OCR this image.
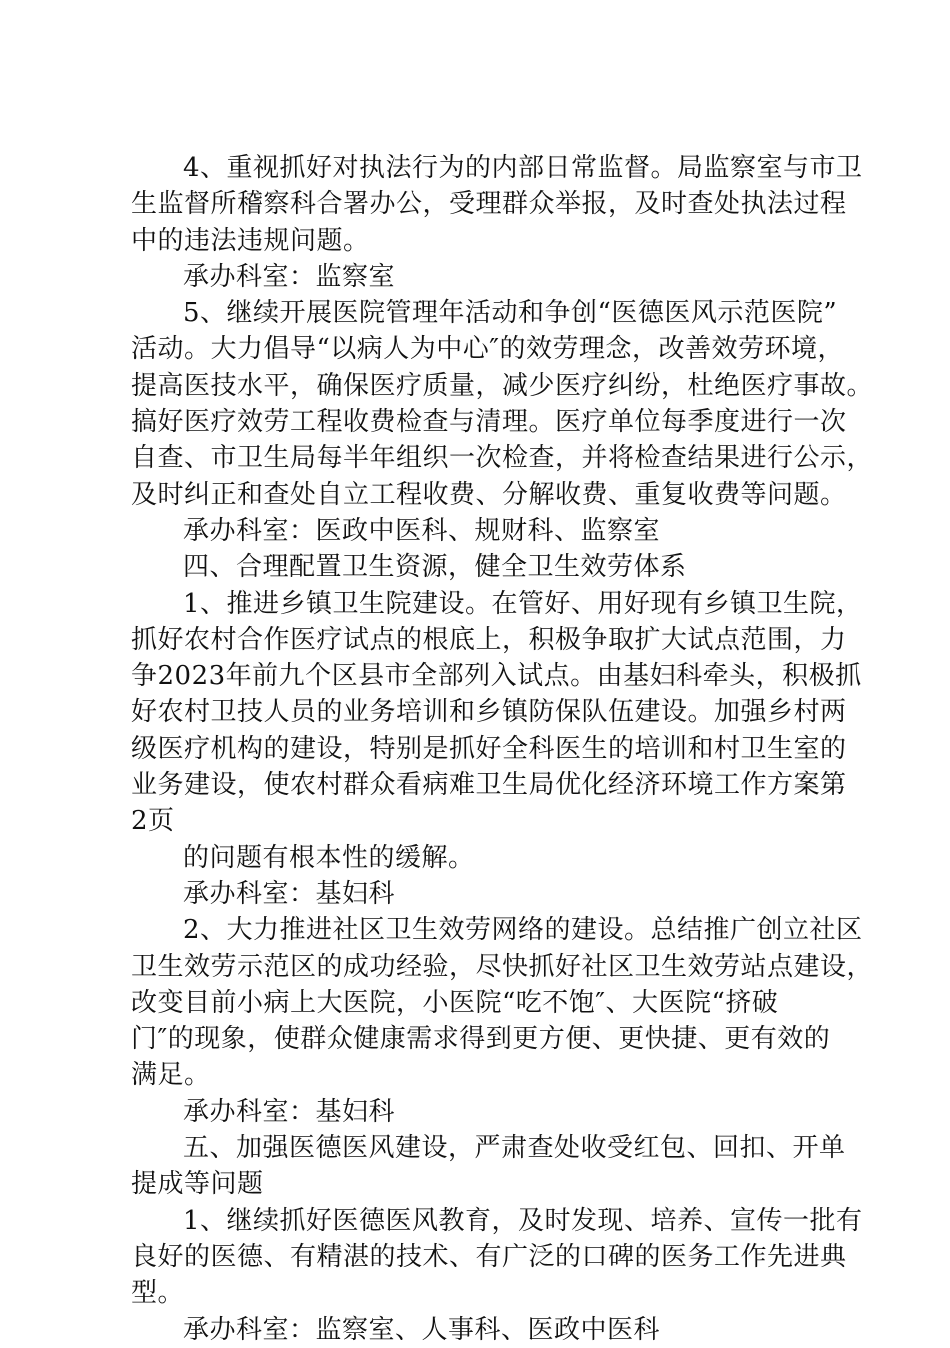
4、重视抓好对执法行为的内部日常监督。局监察室与市卫
生监督所稽察科合署办公，受理群众举报，及时查处执法过程
中的违法违规问题。
承办科室：监察室
5、继续开展医院管理年活动和争创“医德医风示范医院”
活动。大力倡导“以病人为中心″的效劳理念，改善效劳环境，
提高医技水平，确保医疗质量，减少医疗纠纷，杜绝医疗事故。
搞好医疗效劳工程收费检查与清理。医疗单位每季度进行一次
自查、市卫生局每半年组织一次检查，并将检查结果进行公示，
及时纠正和查处自立工程收费、分解收费、重复收费等问题。
承办科室：医政中医科、规财科、监察室
四、合理配置卫生资源，健全卫生效劳体系
1、推进乡镇卫生院建设。在管好、用好现有乡镇卫生院，
抓好农村合作医疗试点的根底上，积极争取扩大试点范围，力
争2023年前九个区县市全部列入试点。由基妇科牵头，积极抓
好农村卫技人员的业务培训和乡镇防保队伍建设。加强乡村两
级医疗机构的建设，特别是抓好全科医生的培训和村卫生室的
业务建设，使农村群众看病难卫生局优化经济环境工作方案第
2页
的问题有根本性的缓解。
承办科室：基妇科
2、大力推进社区卫生效劳网络的建设。总结推广创立社区
卫生效劳示范区的成功经验，尽快抓好社区卫生效劳站点建设，
改变目前小病上大医院，小医院“吃不饱″、大医院“挤破
门″的现象，使群众健康需求得到更方便、更快捷、更有效的
满足。
承办科室：基妇科
五、加强医德医风建设，严肃查处收受红包、回扣、开单
提成等问题
1、继续抓好医德医风教育，及时发现、培养、宣传一批有
良好的医德、有精湛的技术、有广泛的口碑的医务工作先进典
型。
承办科室：监察室、人事科、医政中医科
